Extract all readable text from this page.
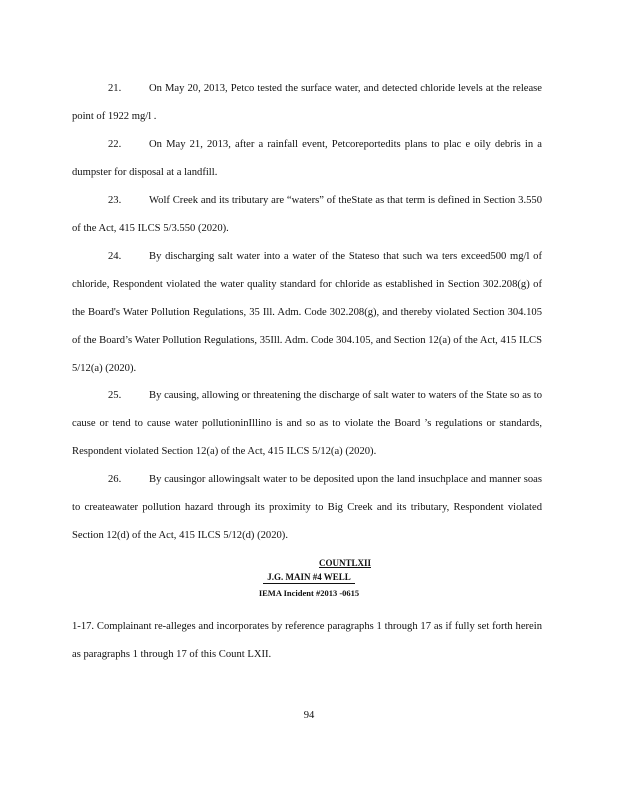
21.	On May 20, 2013, Petco tested the surface water, and detected chloride levels at the release point of 1922 mg/l .
22.	On May 21, 2013, after a rainfall event, Petcoreportedits plans to plac e oily debris in a dumpster for disposal at a landfill.
23.	Wolf Creek and its tributary are “waters” of theState as that term is defined in Section 3.550 of the Act, 415 ILCS 5/3.550 (2020).
24.	By discharging salt water into a water of the Stateso that such wa ters exceed500 mg/l of chloride, Respondent violated the water quality standard for chloride as established in Section 302.208(g) of the Board's Water Pollution Regulations, 35 Ill. Adm. Code 302.208(g), and thereby violated Section 304.105 of the Board’s Water Pollution Regulations, 35Ill. Adm. Code 304.105, and Section 12(a) of the Act, 415 ILCS 5/12(a) (2020).
25.	By causing, allowing or threatening the discharge of salt water to waters of the State so as to cause or tend to cause water pollutioninIllino is and so as to violate the Board ’s regulations or standards, Respondent violated Section 12(a) of the Act, 415 ILCS 5/12(a) (2020).
26.	By causingor allowingsalt water to be deposited upon the land insuchplace and manner soas to createawater pollution hazard through its proximity to Big Creek and its tributary, Respondent violated Section 12(d) of the Act, 415 ILCS 5/12(d) (2020).
COUNTLXII
J.G. MAIN #4 WELL
IEMA Incident #2013 -0615
1-17. Complainant re-alleges and incorporates by reference paragraphs 1 through 17 as if fully set forth herein as paragraphs 1 through 17 of this Count LXII.
94
